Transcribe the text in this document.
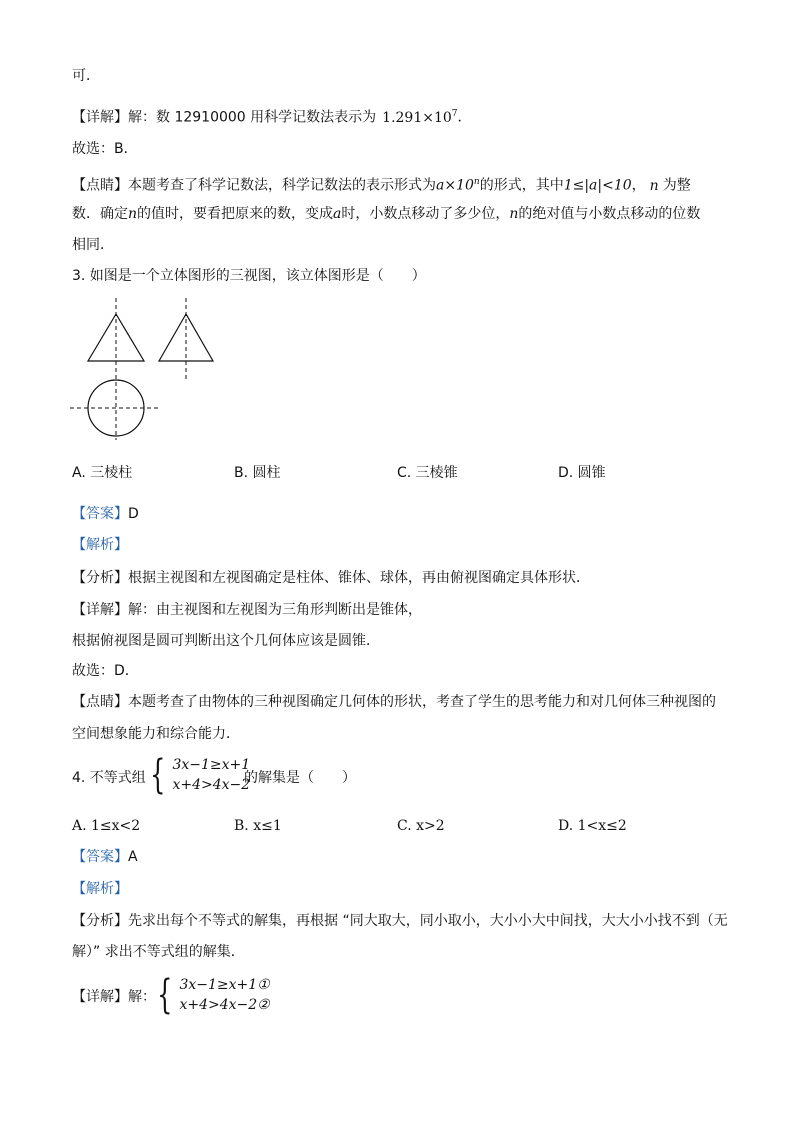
可．
【详解】解：数 12910000 用科学记数法表示为 $1.291\times 10^7$．
故选：B．
【点睛】本题考查了科学记数法，科学记数法的表示形式为$a\times 10^n$的形式，其中1≤|a|<10， n 为整
数．确定n的值时，要看把原来的数，变成a时，小数点移动了多少位，n的绝对值与小数点移动的位数
相同．
3. 如图是一个立体图形的三视图，该立体图形是（　　）
A. 三棱柱	B. 圆柱	C. 三棱锥	D. 圆锥
【答案】D
【解析】
【分析】根据主视图和左视图确定是柱体、锥体、球体，再由俯视图确定具体形状．
【详解】解：由主视图和左视图为三角形判断出是锥体，
根据俯视图是圆可判断出这个几何体应该是圆锥．
故选：D．
【点睛】本题考查了由物体的三种视图确定几何体的形状，考查了学生的思考能力和对几何体三种视图的
空间想象能力和综合能力．
4. 不等式组 { 3x−1≥x+1
x+4>4x−2
的解集是（　　）
A. 1≤x<2	B. x≤1	C. x>2	D. 1<x≤2
【答案】A
【解析】
【分析】先求出每个不等式的解集，再根据 “同大取大，同小取小，大小小大中间找，大大小小找不到（无
解）” 求出不等式组的解集．
【详解】解： { 3x−1≥x+1①
x+4>4x−2②
